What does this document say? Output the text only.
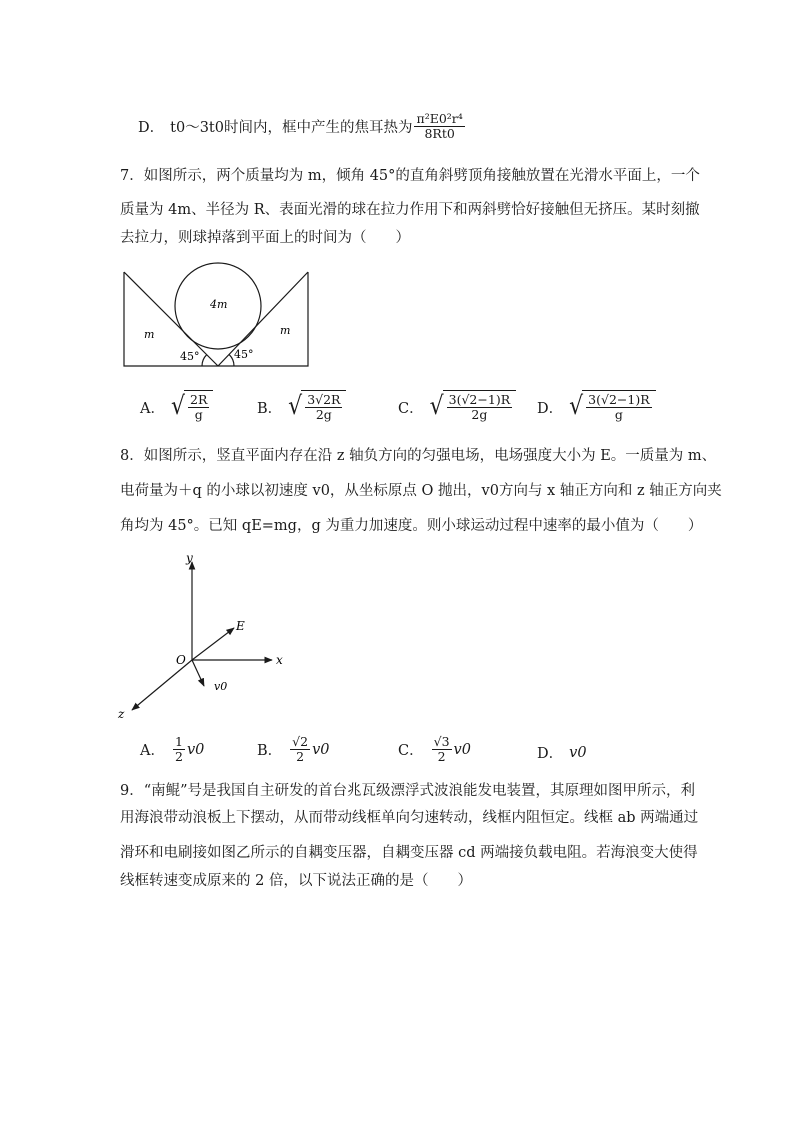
D． t0～3t0时间内，框中产生的焦耳热为 $\frac{\text{π²E0²r⁴}}{8Rt0}$
7．如图所示，两个质量均为 m，倾角 45°的直角斜劈顶角接触放置在光滑水平面上，一个
质量为 4m、半径为 R、表面光滑的球在拉力作用下和两斜劈恰好接触但无挤压。某时刻撤
去拉力，则球掉落到平面上的时间为（　　）
4m
m	m
45°	45°
A． √ $\frac{2R}{g}$	B． √ $\frac{3√2R}{2g}$	C． √ $\frac{3(√2-1)R}{2g}$ D． √ $\frac{3(√2-1)R}{g}$
8．如图所示，竖直平面内存在沿 z 轴负方向的匀强电场，电场强度大小为 E。一质量为 m、
电荷量为＋q 的小球以初速度 v0，从坐标原点 O 抛出，v0方向与 x 轴正方向和 z 轴正方向夹
角均为 45°。已知 qE=mg，g 为重力加速度。则小球运动过程中速率的最小值为（　　）
y
x
z
O
E
v0
A． $\frac{1}{2} v0$	B． $\frac{√2}{2} v0$	C． $\frac{√3}{2} v0$	D． v0
9．“南鲲”号是我国自主研发的首台兆瓦级漂浮式波浪能发电装置，其原理如图甲所示，利
用海浪带动浪板上下摆动，从而带动线框单向匀速转动，线框内阻恒定。线框 ab 两端通过
滑环和电刷接如图乙所示的自耦变压器，自耦变压器 cd 两端接负载电阻。若海浪变大使得
线框转速变成原来的 2 倍，以下说法正确的是（　　）
